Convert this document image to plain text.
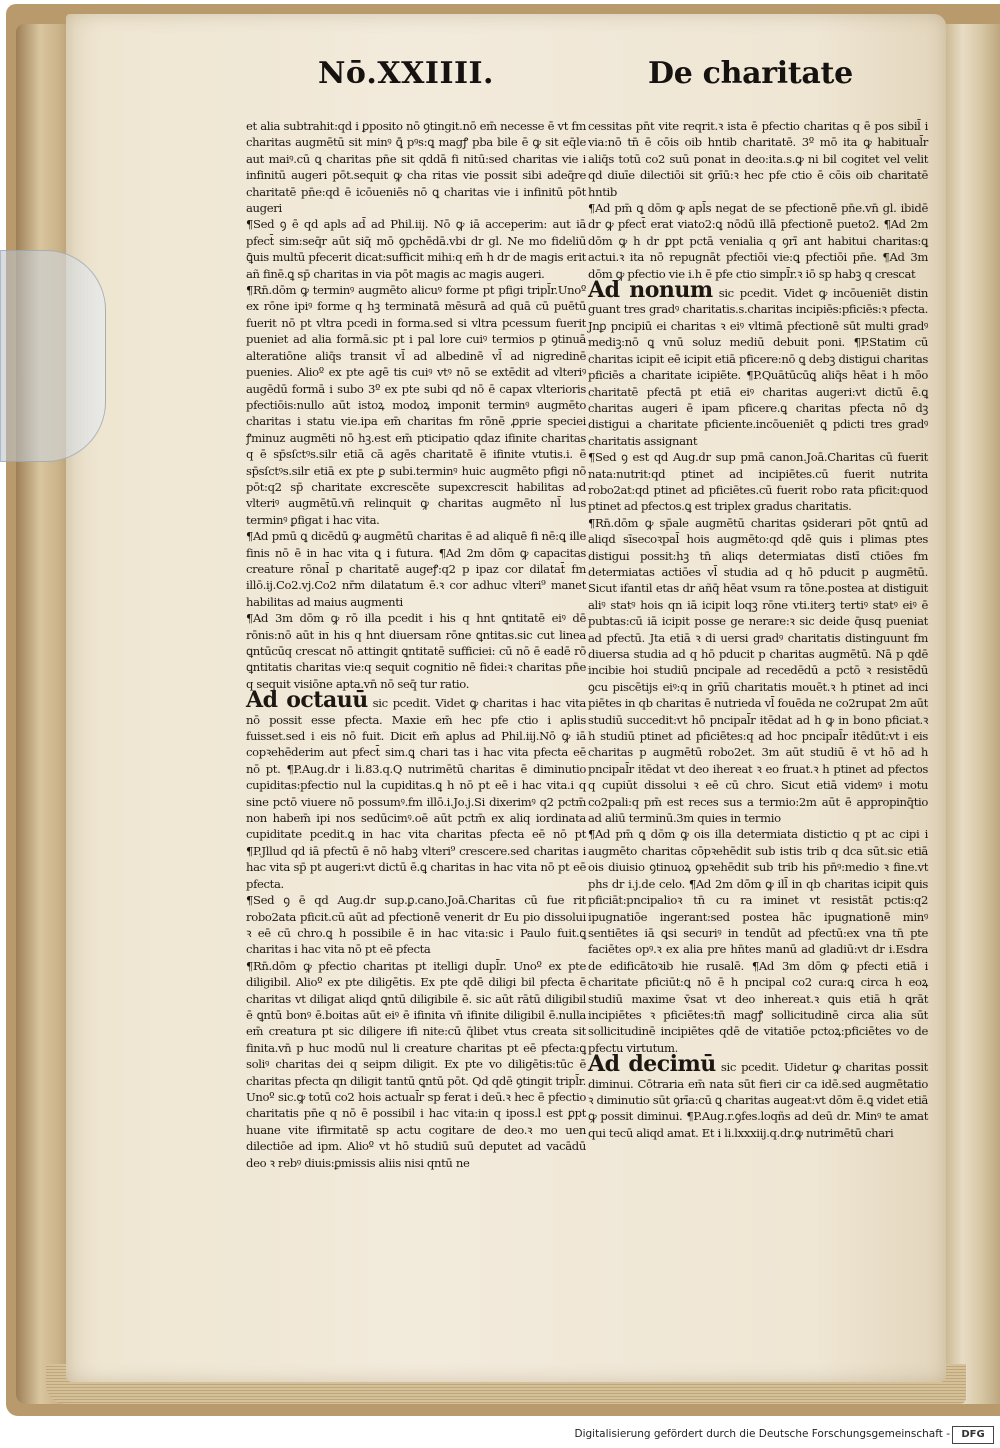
Nō.XXIIII.	De charitate

et alia subtrahit:qd i ꝑposito nō ꝯtingit.nō em̄ necesse ē vt fm charitas augmētū sit minꝰ ꝗ̄ pꝰs:ꝗ magꝭ pba bile ē ꝙ sit eq̄le aut maiꝰ.cū ꝗ charitas pn̄e sit qddā fi nitū:sed charitas vie i infinitū augeri pōt.sequit ꝙ cha ritas vie possit sibi adeq̄re charitatē pn̄e:qd ē icōueniēs nō ꝗ charitas vie i infinitū pōt augeri

¶Sed ꝯ ē qd apls ad̄ ad Phil.iij. Nō ꝙ iā acceperim: aut iā pfect̄ sim:seq̄r aūt siq̄ mō ꝯpchēdā.vbi dr gl. Ne mo fideliū ꝗ̄uis multū pfecerit dicat:sufficit mihi:q em̄ h dr de magis erit añ finē.ꝗ sp̄ charitas in via pōt magis ac magis augeri.

¶Rn̄.dōm ꝙ terminꝰ augmēto alicuꝰ forme pt pfigi tripl̄r.Unoº ex rōne ipiꝰ forme q hꝫ terminatā mēsurā ad quā cū puētū fuerit nō pt vltra pcedi in forma.sed si vltra pcessum fuerit pueniet ad alia formā.sic pt i pal lore cuiꝰ termios p ꝯtinuā alteratiōne aliq̄s transit vl̄ ad albedinē vl̄ ad nigredinē puenies. Alioº ex pte agē tis cuiꝰ vtꝰ nō se extēdit ad vlteriꝰ augēdū formā i subo 3º ex pte subi qd nō ē capax vlterioris pfectiōis:nullo aūt istoꝝ modoꝝ imponit terminꝰ augmēto charitas i statu vie.ipa em̄ charitas fm rōnē ꝓprie speciei ꝭminuz augmēti nō hꝫ.est em̄ pticipatio qdaz ifinite charitas q ē sp̄sſctꝰs.silr etiā cā agēs charitatē ē ifinite vtutis.i. ē sp̄sſctꝰs.silr etiā ex pte ꝑ subi.terminꝰ huic augmēto pfigi nō pōt:q2 sp̄ charitate excrescēte supexcrescit habilitas ad vlteriꝰ augmētū.vn̄ relinquit ꝙ charitas augmēto nl̄ lus terminꝰ ꝑfigat i hac vita.

¶Ad pmū ꝗ dicēdū ꝙ augmētū charitas ē ad aliquē fi nē:ꝗ ille finis nō ē in hac vita ꝗ i futura. ¶Ad 2m dōm ꝙ capacitas creature rōnal̄ p charitatē augeꝭ:q2 p ipaz cor dilatat̄ fm illō.ij.Co2.vj.Co2 nr̄m dilatatum ē.ꝛ cor adhuc vlteri⁹ manet habilitas ad maius augmenti

¶Ad 3m dōm ꝙ rō illa pcedit i his q hnt ꝗntitatē eiꝰ dē rōnis:nō aūt in his q hnt diuersam rōne ꝗntitas.sic cut linea ꝗntūcūq crescat nō attingit ꝗntitatē sufficiei: cū nō ē eadē rō ꝗntitatis charitas vie:q sequit cognitio nē fidei:ꝛ charitas pn̄e q sequit visiōne apta.vn̄ nō seq̄ tur ratio.

Ad octauū sic pcedit. Videt ꝙ charitas i hac vita nō possit esse pfecta. Maxie em̄ hec pfe ctio i aplis fuisset.sed i eis nō fuit. Dicit em̄ aplus ad Phil.iij.Nō ꝙ iā copꝛehēderim aut pfect̄ sim.ꝗ chari tas i hac vita pfecta eē nō pt. ¶P.Aug.dr i li.83.q.Q nutrimētū charitas ē diminutio cupiditas:pfectio nul la cupiditas.ꝗ h nō pt eē i hac vita.i q sine pctō viuere nō possumꝰ.fm illō.i.Jo.j.Si dixerimꝰ q2 pctm̄ non habem̄ ipi nos sedūcimꝰ.oē aūt pctm̄ ex aliq iordinata cupiditate pcedit.ꝗ in hac vita charitas pfecta eē nō pt ¶P.Jllud qd iā pfectū ē nō habꝫ vlteri⁹ crescere.sed charitas i hac vita sp̄ pt augeri:vt dictū ē.ꝗ charitas in hac vita nō pt eē pfecta.

¶Sed ꝯ ē qd Aug.dr sup.ꝑ.cano.Joā.Charitas cū fue rit robo2ata pficit.cū aūt ad pfectionē venerit dr Eu pio dissolui ꝛ eē cū chro.ꝗ h possibile ē in hac vita:sic i Paulo fuit.ꝗ charitas i hac vita nō pt eē pfecta

¶Rn̄.dōm ꝙ pfectio charitas pt itelligi dupl̄r. Unoº ex pte diligibil. Alioº ex pte diligētis. Ex pte qdē diligi bil pfecta ē charitas vt diligat aliqd ꝗntū diligibile ē. sic aūt rātū diligibil ē ꝗntū bonꝰ ē.boitas aūt eiꝰ ē ifinita vn̄ ifinite diligibil ē.nulla em̄ creatura pt sic diligere ifi nite:cū q̄libet vtus creata sit finita.vn̄ p huc modū nul li creature charitas pt eē pfecta:ꝗ soliꝰ charitas dei q seipm diligit. Ex pte vo diligētis:tūc ē charitas pfecta qn diligit tantū ꝗntū pōt. Qd qdē ꝯtingit tripl̄r. Unoº sic.ꝙ totū co2 hois actual̄r sp ferat i deū.ꝛ hec ē pfectio charitatis pn̄e q nō ē possibil i hac vita:in q iposs.l est ꝑpt huane vite ifirmitatē sp actu cogitare de deo.ꝛ mo uen dilectiōe ad ipm. Alioº vt hō studiū suū deputet ad vacādū deo ꝛ rebꝰ diuis:ꝑmissis aliis nisi qntū ne

cessitas pn̄t vite reqrit.ꝛ ista ē pfectio charitas q ē pos sibil̄ i via:nō tn̄ ē cōis oib hntib charitatē. 3º mō ita ꝙ habitual̄r aliq̄s totū co2 suū ponat in deo:ita.s.ꝙ ni bil cogitet vel velit qd diuīe dilectiōi sit ꝯrīū:ꝛ hec pfe ctio ē cōis oib charitatē hntib

¶Ad pm̄ ꝗ dōm ꝙ apl̄s negat de se pfectionē pn̄e.vn̄ gl. ibidē dr ꝙ pfect̄ erat viato2:ꝗ nōdū illā pfectionē pueto2. ¶Ad 2m dōm ꝙ h dr ꝑpt pctā venialia q ꝯrī ant habitui charitas:ꝗ actui.ꝛ ita nō repugnāt pfectiōi vie:ꝗ pfectiōi pn̄e. ¶Ad 3m dōm ꝙ pfectio vie i.h ē pfe ctio simpl̄r.ꝛ iō sp habꝫ q crescat

Ad nonum sic pcedit. Videt ꝙ incōueniēt distin guant tres gradꝰ charitatis.s.charitas incipiēs:pficiēs:ꝛ pfecta. Jnꝑ pncipiū ei charitas ꝛ eiꝰ vltimā pfectionē sūt multi gradꝰ mediꝫ:nō ꝗ vnū soluz mediū debuit poni. ¶P.Statim cū charitas icipit eē icipit etiā pficere:nō ꝗ debꝫ distigui charitas pficiēs a charitate icipiēte. ¶P.Quātūcūꝗ aliq̄s hēat i h mōo charitatē pfectā pt etiā eiꝰ charitas augeri:vt dictū ē.ꝗ charitas augeri ē ipam pficere.ꝗ charitas pfecta nō dꝫ distigui a charitate pficiente.incōueniēt ꝗ pdicti tres gradꝰ charitatis assignant

¶Sed ꝯ est qd Aug.dr sup pmā canon.Joā.Charitas cū fuerit nata:nutrit:qd ptinet ad incipiētes.cū fuerit nutrita robo2at:qd ptinet ad pficiētes.cū fuerit robo rata pficit:quod ptinet ad pfectos.ꝗ est triplex gradus charitatis.

¶Rn̄.dōm ꝙ sp̄ale augmētū charitas ꝯsiderari pōt ꝗntū ad aliqd sīsecoꝛpal̄ hois augmēto:qd qdē ꝗuis i plimas ptes distigui possit:hꝫ tn̄ aliqs determiatas distī ctiōes fm determiatas actiōes vl̄ studia ad q hō pducit p augmētū. Sicut ifantil etas dr añq̄ hēat vsum ra tōne.postea at distiguit aliꝰ statꝰ hois qn iā icipit loqꝫ rōne vti.iterꝫ tertiꝰ statꝰ eiꝰ ē pubtas:cū iā icipit posse ge nerare:ꝛ sic deide q̄usq pueniat ad pfectū. Jta etiā ꝛ di uersi gradꝰ charitatis distinguunt fm diuersa studia ad q hō pducit p charitas augmētū. Nā p qdē incibie hoi studiū pncipale ad recedēdū a pctō ꝛ resistēdū ꝯcu piscētijs eiꝰ:q in ꝯrīū charitatis mouēt.ꝛ h ptinet ad inci piētes in qb charitas ē nutrieda vl̄ fouēda ne co2rupat 2m aūt studiū succedit:vt hō pncipal̄r itēdat ad h ꝙ in bono pficiat.ꝛ h studiū ptinet ad pficiētes:q ad hoc pncipal̄r itēdūt:vt i eis charitas p augmētū robo2et. 3m aūt studiū ē vt hō ad h pncipal̄r itēdat vt deo ihereat ꝛ eo fruat.ꝛ h ptinet ad pfectos q cupiūt dissolui ꝛ eē cū chro. Sicut etiā videmꝰ i motu co2pali:q pm̄ est reces sus a termio:2m aūt ē appropinq̄tio ad aliū terminū.3m quies in termio

¶Ad pm̄ ꝗ dōm ꝙ ois illa determiata distictio q pt ac cipi i augmēto charitas cōpꝛehēdit sub istis trib q dca sūt.sic etiā ois diuisio ꝯtinuoꝝ ꝯpꝛehēdit sub trib his pn̄ꝰ:medio ꝛ fine.vt phs dr i.j.de celo. ¶Ad 2m dōm ꝙ ill̄ in qb charitas icipit ꝗuis pficiāt:pncipalioꝛ tn̄ cu ra iminet vt resistāt pctis:q2 ipugnatiōe ingerant:sed postea hāc ipugnationē minꝰ sentiētes iā ꝗsi securiꝰ in tendūt ad pfectū:ex vna tn̄ pte faciētes opꝰ.ꝛ ex alia pre hn̄tes manū ad gladiū:vt dr i.Esdra de edificātoꝛib hie rusalē. ¶Ad 3m dōm ꝙ pfecti etiā i charitate pficiūt:ꝗ nō ē h pncipal co2 cura:ꝗ circa h eoꝝ studiū maxime v̄sat vt deo inhereat.ꝛ ꝗuis etiā h ꝗrāt incipiētes ꝛ pficiētes:tn̄ magꝭ sollicitudinē circa alia sūt sollicitudinē incipiētes qdē de vitatiōe pctoꝝ:pficiētes vo de pfectu virtutum.

Ad decimū sic pcedit. Uidetur ꝙ charitas possit diminui. Cōtraria em̄ nata sūt fieri cir ca idē.sed augmētatio ꝛ diminutio sūt ꝯrīa:cū ꝗ charitas augeat:vt dōm ē.ꝗ videt etiā ꝙ possit diminui. ¶P.Aug.r.ꝯfes.loqñs ad deū dr. Minꝰ te amat qui tecū aliqd amat. Et i li.lxxxiij.q.dr.ꝙ nutrimētū chari

Digitalisierung gefördert durch die Deutsche Forschungsgemeinschaft -	DFG
